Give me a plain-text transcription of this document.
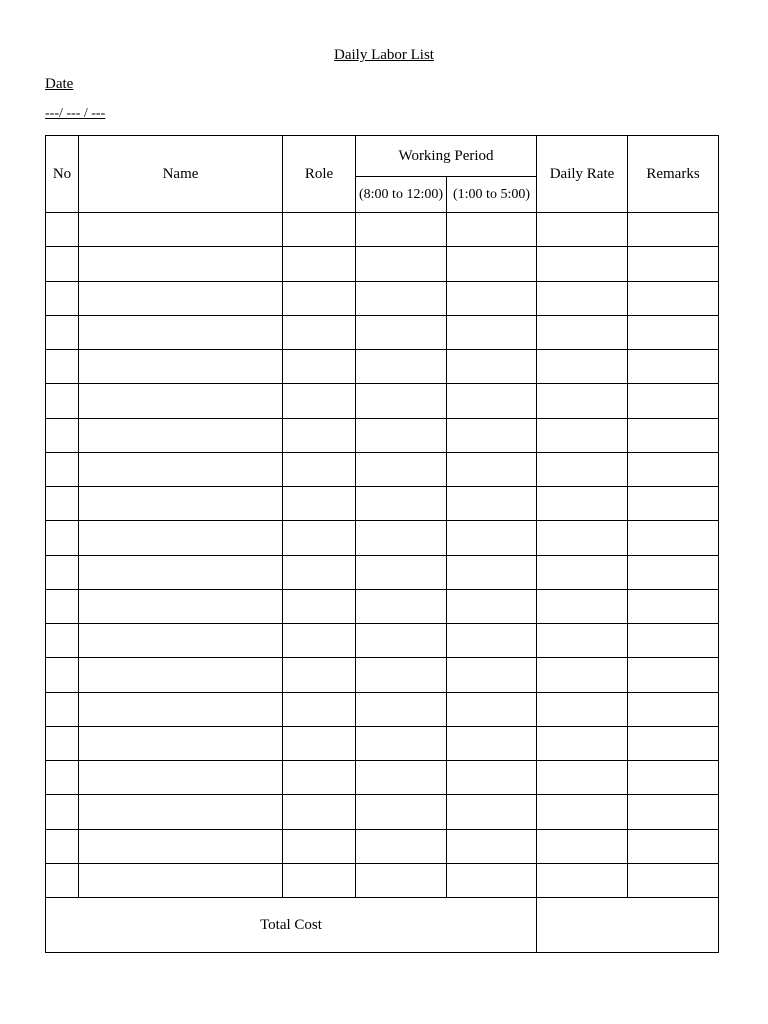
Daily Labor List
Date
---/ --- / ---
No	Name	Role	Working Period		Daily Rate	Remarks
			(8:00 to 12:00)	(1:00 to 5:00)		

Total Cost						
